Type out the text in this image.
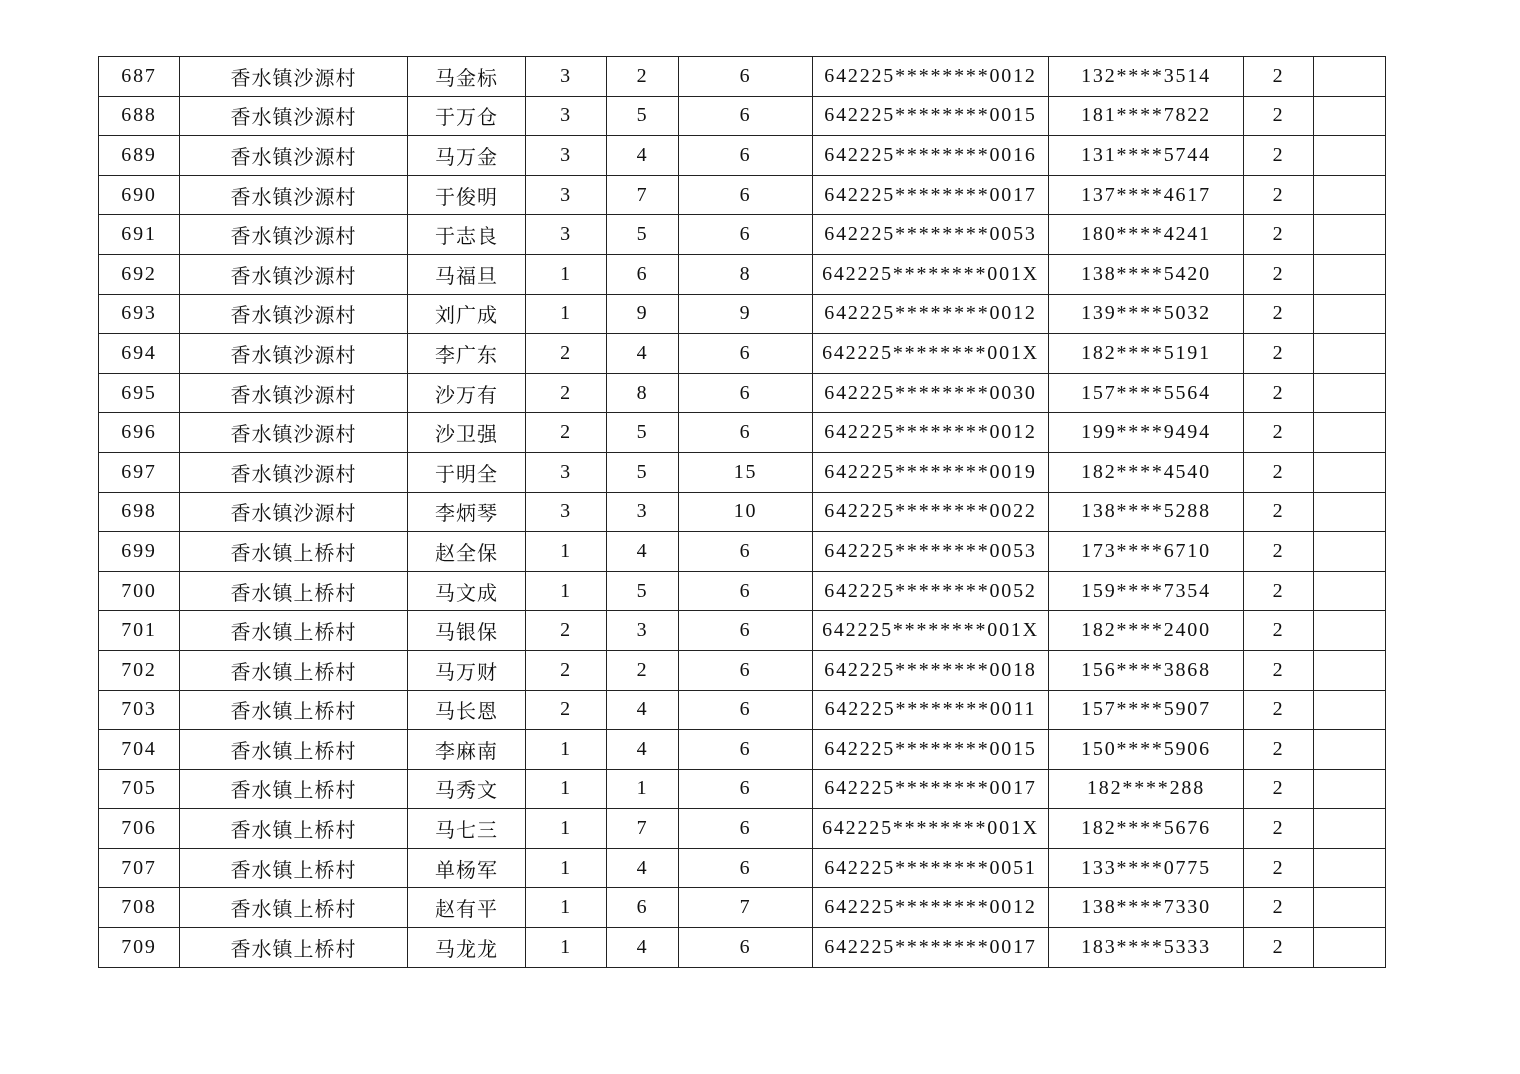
687	香水镇沙源村	马金标	3	2	6	642225********0012	132****3514	2	
688	香水镇沙源村	于万仓	3	5	6	642225********0015	181****7822	2	
689	香水镇沙源村	马万金	3	4	6	642225********0016	131****5744	2	
690	香水镇沙源村	于俊明	3	7	6	642225********0017	137****4617	2	
691	香水镇沙源村	于志良	3	5	6	642225********0053	180****4241	2	
692	香水镇沙源村	马福旦	1	6	8	642225********001X	138****5420	2	
693	香水镇沙源村	刘广成	1	9	9	642225********0012	139****5032	2	
694	香水镇沙源村	李广东	2	4	6	642225********001X	182****5191	2	
695	香水镇沙源村	沙万有	2	8	6	642225********0030	157****5564	2	
696	香水镇沙源村	沙卫强	2	5	6	642225********0012	199****9494	2	
697	香水镇沙源村	于明全	3	5	15	642225********0019	182****4540	2	
698	香水镇沙源村	李炳琴	3	3	10	642225********0022	138****5288	2	
699	香水镇上桥村	赵全保	1	4	6	642225********0053	173****6710	2	
700	香水镇上桥村	马文成	1	5	6	642225********0052	159****7354	2	
701	香水镇上桥村	马银保	2	3	6	642225********001X	182****2400	2	
702	香水镇上桥村	马万财	2	2	6	642225********0018	156****3868	2	
703	香水镇上桥村	马长恩	2	4	6	642225********0011	157****5907	2	
704	香水镇上桥村	李麻南	1	4	6	642225********0015	150****5906	2	
705	香水镇上桥村	马秀文	1	1	6	642225********0017	182****288	2	
706	香水镇上桥村	马七三	1	7	6	642225********001X	182****5676	2	
707	香水镇上桥村	单杨军	1	4	6	642225********0051	133****0775	2	
708	香水镇上桥村	赵有平	1	6	7	642225********0012	138****7330	2	
709	香水镇上桥村	马龙龙	1	4	6	642225********0017	183****5333	2	
